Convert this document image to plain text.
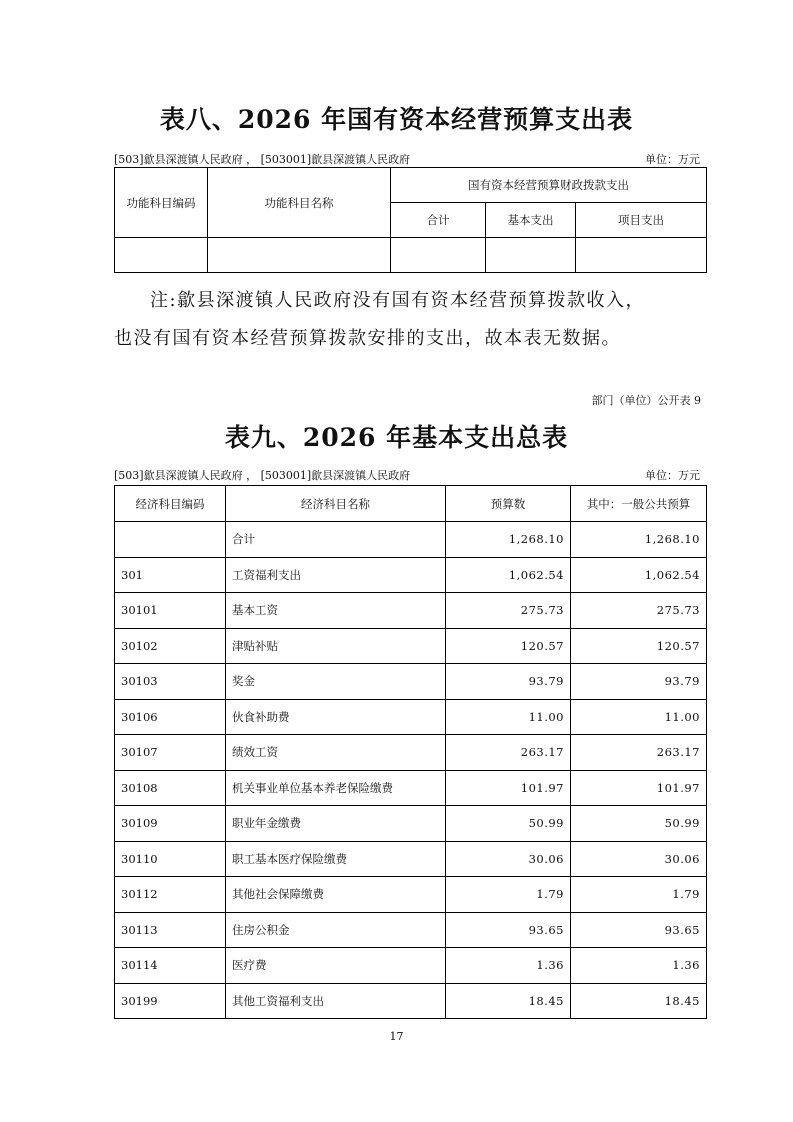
表八、2026 年国有资本经营预算支出表
[503]歙县深渡镇人民政府 ， [503001]歙县深渡镇人民政府	单位：万元
功能科目编码	功能科目名称	国有资本经营预算财政拨款支出		
		合计	基本支出	项目支出

注:歙县深渡镇人民政府没有国有资本经营预算拨款收入，

也没有国有资本经营预算拨款安排的支出，故本表无数据。

部门（单位）公开表 9
表九、2026 年基本支出总表
[503]歙县深渡镇人民政府 ， [503001]歙县深渡镇人民政府	单位：万元
经济科目编码	经济科目名称	预算数	其中：一般公共预算
	合计	1,268.10	1,268.10
301	工资福利支出	1,062.54	1,062.54
30101	基本工资	275.73	275.73
30102	津贴补贴	120.57	120.57
30103	奖金	93.79	93.79
30106	伙食补助费	11.00	11.00
30107	绩效工资	263.17	263.17
30108	机关事业单位基本养老保险缴费	101.97	101.97
30109	职业年金缴费	50.99	50.99
30110	职工基本医疗保险缴费	30.06	30.06
30112	其他社会保障缴费	1.79	1.79
30113	住房公积金	93.65	93.65
30114	医疗费	1.36	1.36
30199	其他工资福利支出	18.45	18.45
17
